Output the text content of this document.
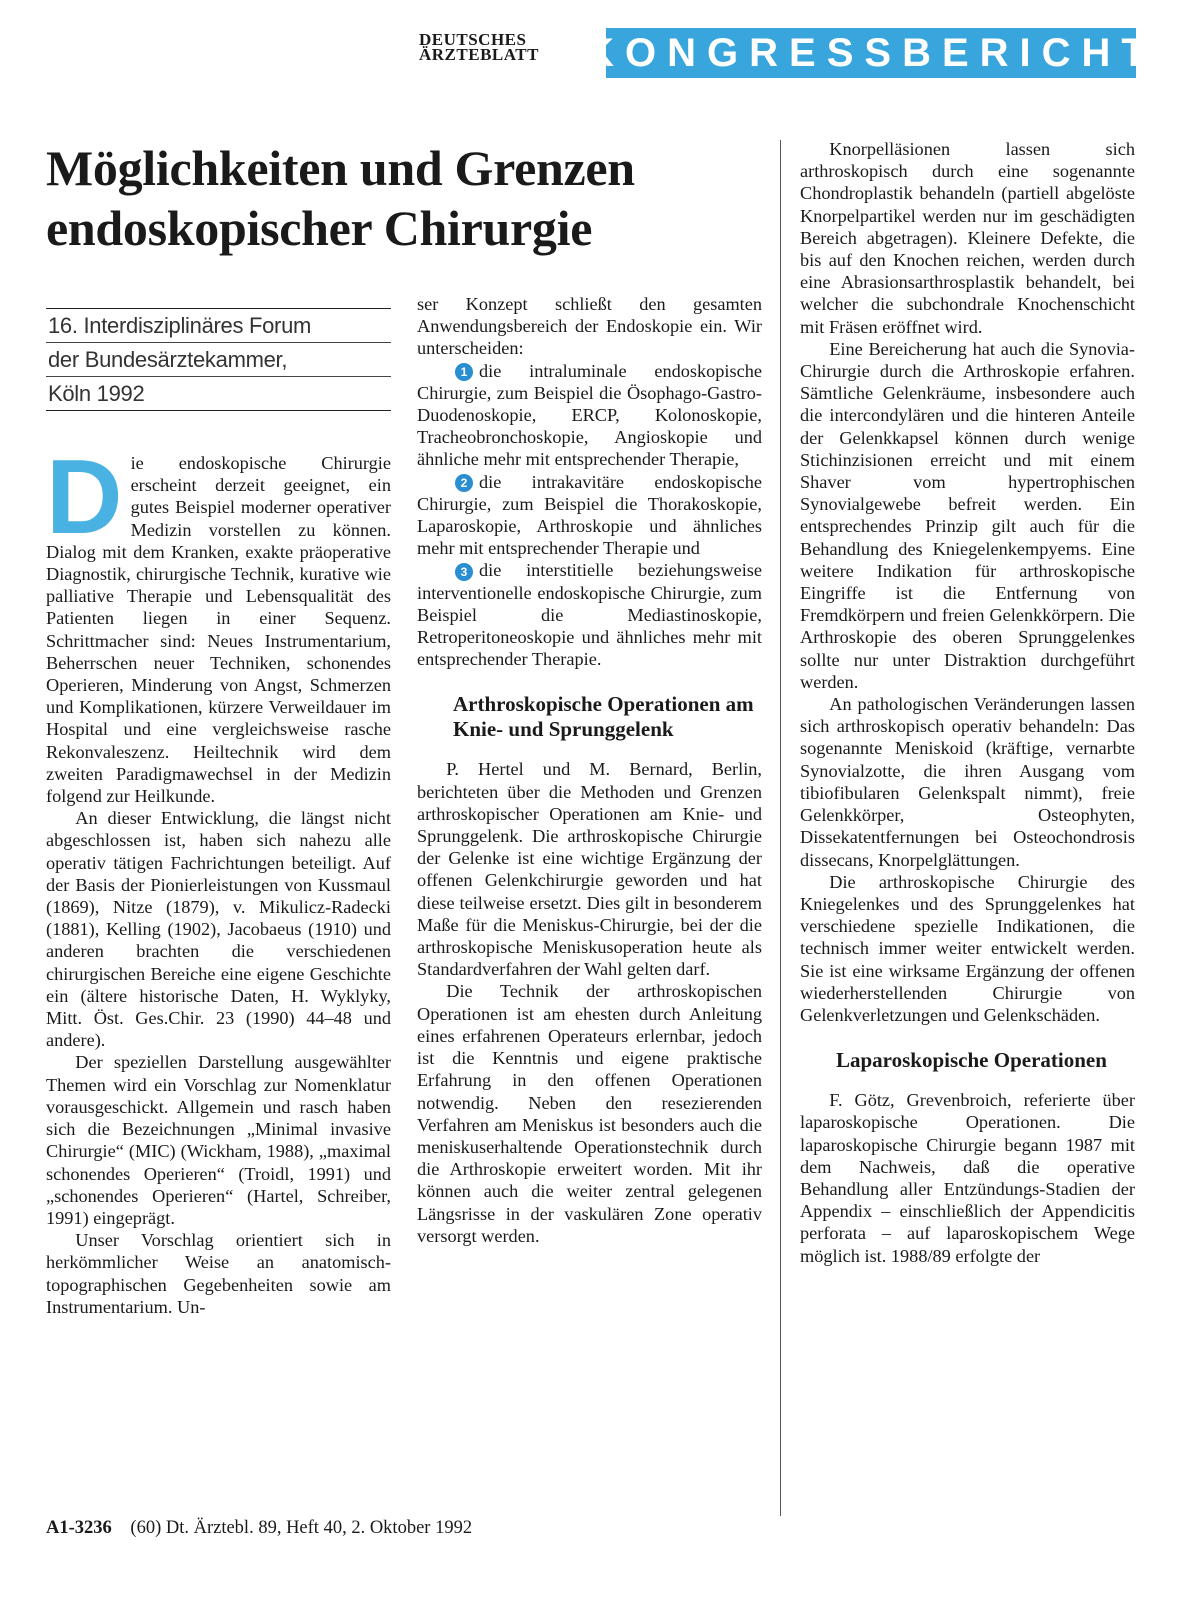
DEUTSCHES
ÄRZTEBLATT	KONGRESSBERICHT
Möglichkeiten und Grenzen
endoskopischer Chirurgie
16. Interdisziplinäres Forum
der Bundesärztekammer,
Köln 1992

Die endoskopische Chirurgie erscheint derzeit geeignet, ein gutes Beispiel moderner operativer Medizin vorstellen zu können. Dialog mit dem Kranken, exakte präoperative Diagnostik, chirurgische Technik, kurative wie palliative Therapie und Lebensqualität des Patienten liegen in einer Sequenz. Schrittmacher sind: Neues Instrumentarium, Beherrschen neuer Techniken, schonendes Operieren, Minderung von Angst, Schmerzen und Komplikationen, kürzere Verweildauer im Hospital und eine vergleichsweise rasche Rekonvaleszenz. Heiltechnik wird dem zweiten Paradigmawechsel in der Medizin folgend zur Heilkunde.

An dieser Entwicklung, die längst nicht abgeschlossen ist, haben sich nahezu alle operativ tätigen Fachrichtungen beteiligt. Auf der Basis der Pionierleistungen von Kussmaul (1869), Nitze (1879), v. Mikulicz-Radecki (1881), Kelling (1902), Jacobaeus (1910) und anderen brachten die verschiedenen chirurgischen Bereiche eine eigene Geschichte ein (ältere historische Daten, H. Wyklyky, Mitt. Öst. Ges.Chir. 23 (1990) 44–48 und andere).

Der speziellen Darstellung ausgewählter Themen wird ein Vorschlag zur Nomenklatur vorausgeschickt. Allgemein und rasch haben sich die Bezeichnungen „Minimal invasive Chirurgie“ (MIC) (Wickham, 1988), „maximal schonendes Operieren“ (Troidl, 1991) und „schonendes Operieren“ (Hartel, Schreiber, 1991) eingeprägt.

Unser Vorschlag orientiert sich in herkömmlicher Weise an anatomisch-topographischen Gegebenheiten sowie am Instrumentarium. Un-

ser Konzept schließt den gesamten Anwendungsbereich der Endoskopie ein. Wir unterscheiden:

1 die intraluminale endoskopische Chirurgie, zum Beispiel die Ösophago-Gastro-Duodenoskopie, ERCP, Kolonoskopie, Tracheobronchoskopie, Angioskopie und ähnliche mehr mit entsprechender Therapie,

2 die intrakavitäre endoskopische Chirurgie, zum Beispiel die Thorakoskopie, Laparoskopie, Arthroskopie und ähnliches mehr mit entsprechender Therapie und

3 die interstitielle beziehungsweise interventionelle endoskopische Chirurgie, zum Beispiel die Mediastinoskopie, Retroperitoneoskopie und ähnliches mehr mit entsprechender Therapie.

Arthroskopische Operationen am Knie- und Sprunggelenk

P. Hertel und M. Bernard, Berlin, berichteten über die Methoden und Grenzen arthroskopischer Operationen am Knie- und Sprunggelenk. Die arthroskopische Chirurgie der Gelenke ist eine wichtige Ergänzung der offenen Gelenkchirurgie geworden und hat diese teilweise ersetzt. Dies gilt in besonderem Maße für die Meniskus-Chirurgie, bei der die arthroskopische Meniskusoperation heute als Standardverfahren der Wahl gelten darf.

Die Technik der arthroskopischen Operationen ist am ehesten durch Anleitung eines erfahrenen Operateurs erlernbar, jedoch ist die Kenntnis und eigene praktische Erfahrung in den offenen Operationen notwendig. Neben den resezierenden Verfahren am Meniskus ist besonders auch die meniskuserhaltende Operationstechnik durch die Arthroskopie erweitert worden. Mit ihr können auch die weiter zentral gelegenen Längsrisse in der vaskulären Zone operativ versorgt werden.

Knorpelläsionen lassen sich arthroskopisch durch eine sogenannte Chondroplastik behandeln (partiell abgelöste Knorpelpartikel werden nur im geschädigten Bereich abgetragen). Kleinere Defekte, die bis auf den Knochen reichen, werden durch eine Abrasionsarthrosplastik behandelt, bei welcher die subchondrale Knochenschicht mit Fräsen eröffnet wird.

Eine Bereicherung hat auch die Synovia-Chirurgie durch die Arthroskopie erfahren. Sämtliche Gelenkräume, insbesondere auch die intercondylären und die hinteren Anteile der Gelenkkapsel können durch wenige Stichinzisionen erreicht und mit einem Shaver vom hypertrophischen Synovialgewebe befreit werden. Ein entsprechendes Prinzip gilt auch für die Behandlung des Kniegelenkempyems. Eine weitere Indikation für arthroskopische Eingriffe ist die Entfernung von Fremdkörpern und freien Gelenkkörpern. Die Arthroskopie des oberen Sprunggelenkes sollte nur unter Distraktion durchgeführt werden.

An pathologischen Veränderungen lassen sich arthroskopisch operativ behandeln: Das sogenannte Meniskoid (kräftige, vernarbte Synovialzotte, die ihren Ausgang vom tibiofibularen Gelenkspalt nimmt), freie Gelenkkörper, Osteophyten, Dissekatentfernungen bei Osteochondrosis dissecans, Knorpelglättungen.

Die arthroskopische Chirurgie des Kniegelenkes und des Sprunggelenkes hat verschiedene spezielle Indikationen, die technisch immer weiter entwickelt werden. Sie ist eine wirksame Ergänzung der offenen wiederherstellenden Chirurgie von Gelenkverletzungen und Gelenkschäden.

Laparoskopische Operationen

F. Götz, Grevenbroich, referierte über laparoskopische Operationen. Die laparoskopische Chirurgie begann 1987 mit dem Nachweis, daß die operative Behandlung aller Entzündungs-Stadien der Appendix – einschließlich der Appendicitis perforata – auf laparoskopischem Wege möglich ist. 1988/89 erfolgte der

A1-3236 (60) Dt. Ärztebl. 89, Heft 40, 2. Oktober 1992
